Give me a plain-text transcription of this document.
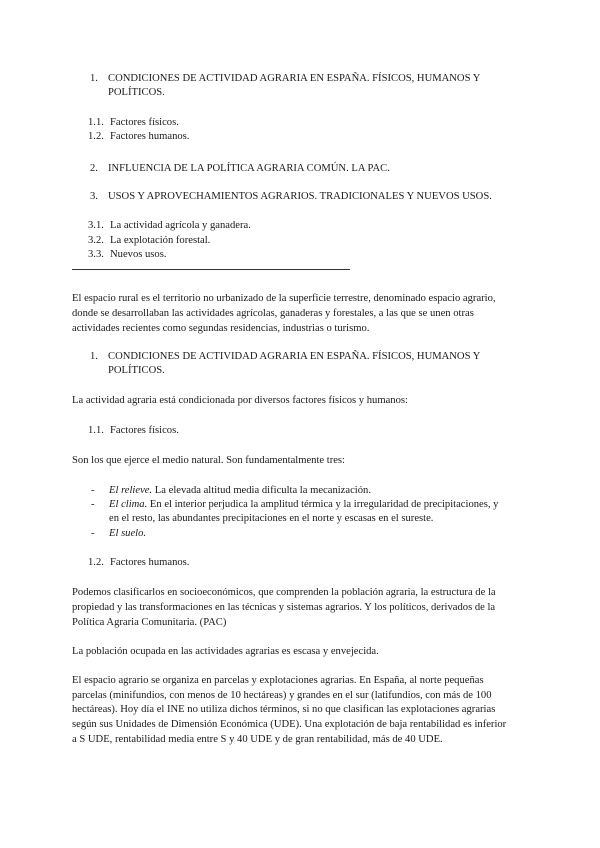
1. CONDICIONES DE ACTIVIDAD AGRARIA EN ESPAÑA. FÍSICOS, HUMANOS Y
POLÍTICOS.
1.1. Factores físicos.
1.2. Factores humanos.
2. INFLUENCIA DE LA POLÍTICA AGRARIA COMÚN. LA PAC.
3. USOS Y APROVECHAMIENTOS AGRARIOS. TRADICIONALES Y NUEVOS USOS.
3.1. La actividad agrícola y ganadera.
3.2. La explotación forestal.
3.3. Nuevos usos.
El espacio rural es el territorio no urbanizado de la superficie terrestre, denominado espacio agrario,
donde se desarrollaban las actividades agrícolas, ganaderas y forestales, a las que se unen otras
actividades recientes como segundas residencias, industrias o turismo.
1. CONDICIONES DE ACTIVIDAD AGRARIA EN ESPAÑA. FÍSICOS, HUMANOS Y
POLÍTICOS.
La actividad agraria está condicionada por diversos factores físicos y humanos:
1.1. Factores físicos.
Son los que ejerce el medio natural. Son fundamentalmente tres:
- El relieve. La elevada altitud media dificulta la mecanización.
- El clima. En el interior perjudica la amplitud térmica y la irregularidad de precipitaciones, y
en el resto, las abundantes precipitaciones en el norte y escasas en el sureste.
- El suelo.
1.2. Factores humanos.
Podemos clasificarlos en socioeconómicos, que comprenden la población agraria, la estructura de la
propiedad y las transformaciones en las técnicas y sistemas agrarios. Y los políticos, derivados de la
Política Agraria Comunitaria. (PAC)
La población ocupada en las actividades agrarias es escasa y envejecida.
El espacio agrario se organiza en parcelas y explotaciones agrarias. En España, al norte pequeñas
parcelas (minifundios, con menos de 10 hectáreas) y grandes en el sur (latifundios, con más de 100
hectáreas). Hoy día el INE no utiliza dichos términos, si no que clasifican las explotaciones agrarias
según sus Unidades de Dimensión Económica (UDE). Una explotación de baja rentabilidad es inferior
a S UDE, rentabilidad media entre S y 40 UDE y de gran rentabilidad, más de 40 UDE.
